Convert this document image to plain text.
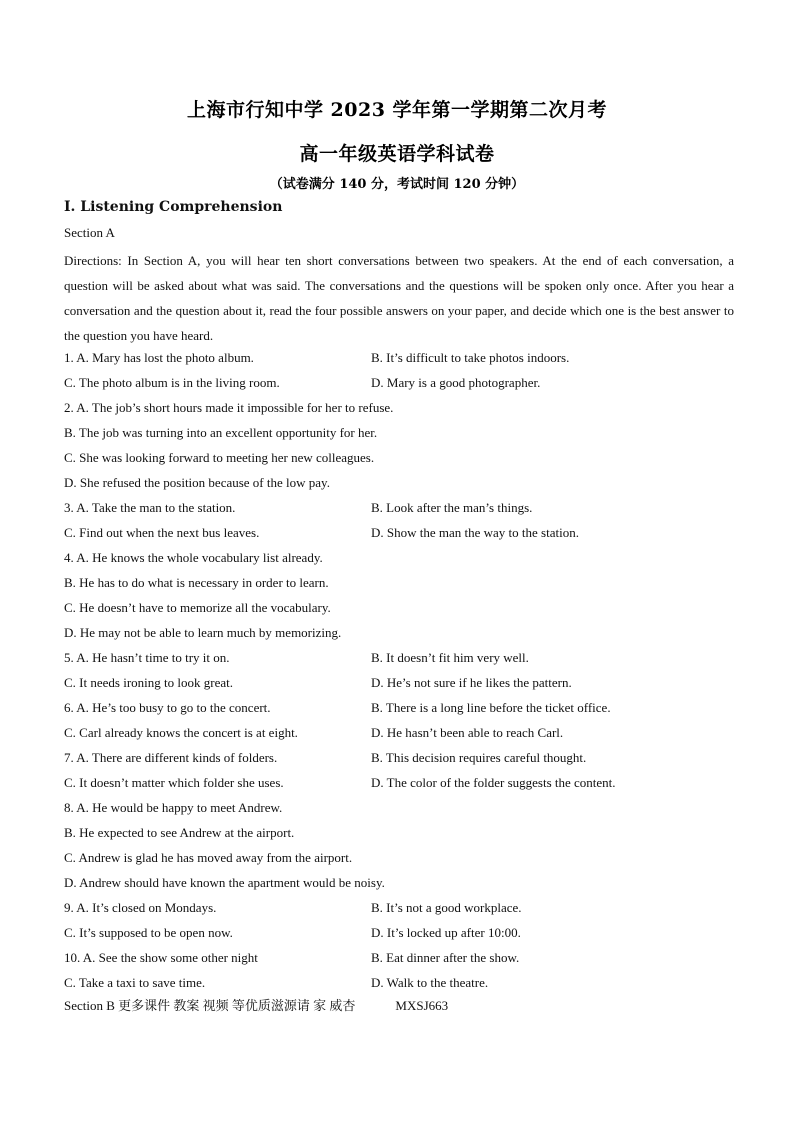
上海市行知中学 2023 学年第一学期第二次月考
高一年级英语学科试卷
（试卷满分 140 分，考试时间 120 分钟）
Ⅰ. Listening Comprehension
Section A
Directions: In Section A, you will hear ten short conversations between two speakers. At the end of each conversation, a question will be asked about what was said. The conversations and the questions will be spoken only once. After you hear a conversation and the question about it, read the four possible answers on your paper, and decide which one is the best answer to the question you have heard.
1. A. Mary has lost the photo album.	B. It’s difficult to take photos indoors.
C. The photo album is in the living room.	D. Mary is a good photographer.
2. A. The job’s short hours made it impossible for her to refuse.
B. The job was turning into an excellent opportunity for her.
C. She was looking forward to meeting her new colleagues.
D. She refused the position because of the low pay.
3. A. Take the man to the station.	B. Look after the man’s things.
C. Find out when the next bus leaves.	D. Show the man the way to the station.
4. A. He knows the whole vocabulary list already.
B. He has to do what is necessary in order to learn.
C. He doesn’t have to memorize all the vocabulary.
D. He may not be able to learn much by memorizing.
5. A. He hasn’t time to try it on.	B. It doesn’t fit him very well.
C. It needs ironing to look great.	D. He’s not sure if he likes the pattern.
6. A. He’s too busy to go to the concert.	B. There is a long line before the ticket office.
C. Carl already knows the concert is at eight.	D. He hasn’t been able to reach Carl.
7. A. There are different kinds of folders.	B. This decision requires careful thought.
C. It doesn’t matter which folder she uses.	D. The color of the folder suggests the content.
8. A. He would be happy to meet Andrew.
B. He expected to see Andrew at the airport.
C. Andrew is glad he has moved away from the airport.
D. Andrew should have known the apartment would be noisy.
9. A. It’s closed on Mondays.	B. It’s not a good workplace.
C. It’s supposed to be open now.	D. It’s locked up after 10:00.
10. A. See the show some other night	B. Eat dinner after the show.
C. Take a taxi to save time.	D. Walk to the theatre.
Section B 更多课件 教案 视频 等优质滋源请 家 威杏	MXSJ663
